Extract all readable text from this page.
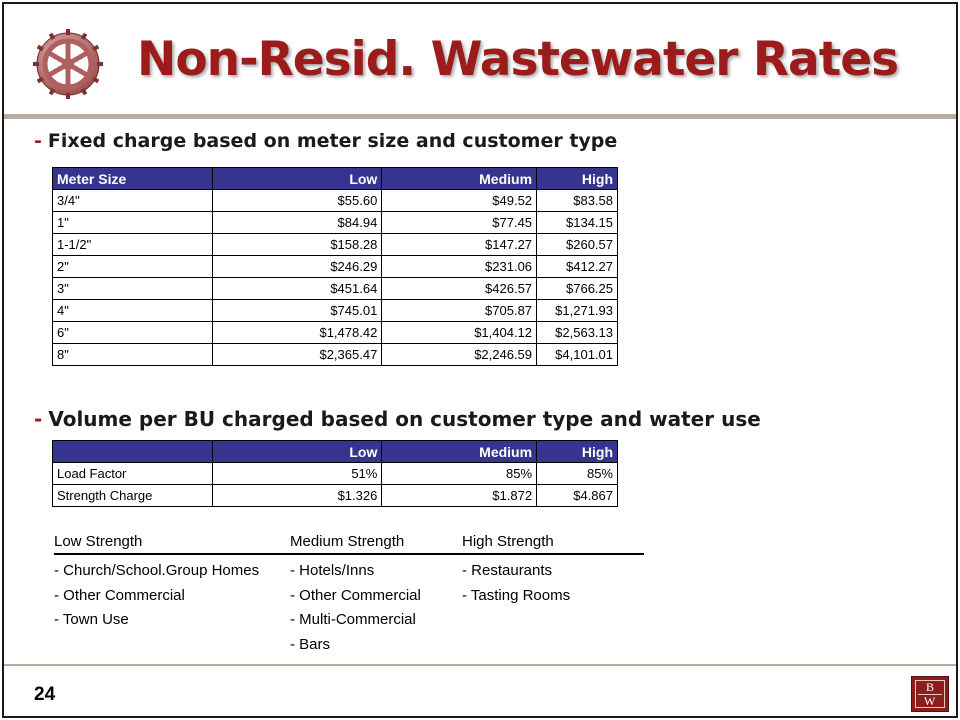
Non-Resid. Wastewater Rates
- Fixed charge based on meter size and customer type
Meter Size	Low	Medium	High
3/4"	$55.60	$49.52	$83.58
1"	$84.94	$77.45	$134.15
1-1/2"	$158.28	$147.27	$260.57
2"	$246.29	$231.06	$412.27
3"	$451.64	$426.57	$766.25
4"	$745.01	$705.87	$1,271.93
6"	$1,478.42	$1,404.12	$2,563.13
8"	$2,365.47	$2,246.59	$4,101.01
- Volume per BU charged based on customer type and water use
	Low	Medium	High
Load Factor	51%	85%	85%
Strength Charge	$1.326	$1.872	$4.867
Low Strength
- Church/School.Group Homes
- Other Commercial
- Town Use
Medium Strength
- Hotels/Inns
- Other Commercial
- Multi-Commercial
- Bars
High Strength
- Restaurants
- Tasting Rooms
24	B
W
